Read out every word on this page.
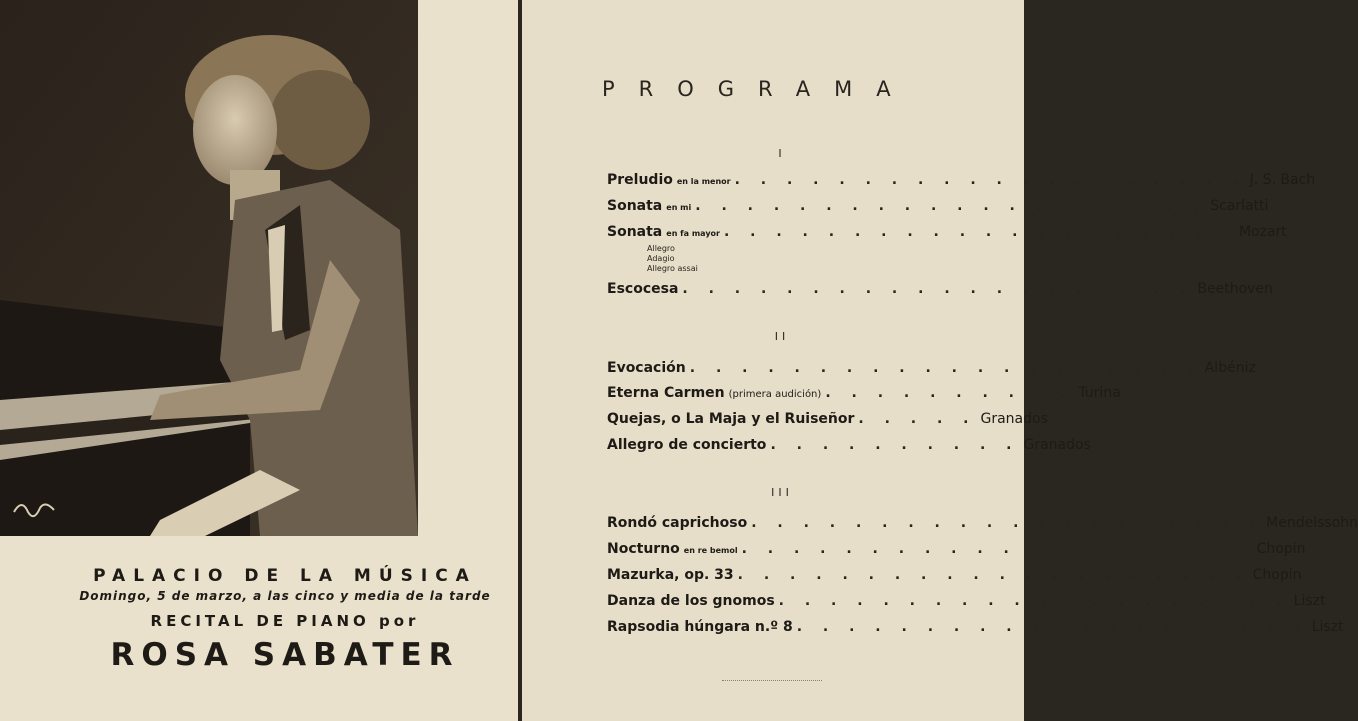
PALACIO DE LA MÚSICA
Domingo, 5 de marzo, a las cinco y media de la tarde
RECITAL DE PIANO por
ROSA SABATER
PROGRAMA
I
Preludio en la menor . . . . . . . . . . . . . . . . . . . . J. S. Bach
Sonata en mi . . . . . . . . . . . . . . . . . . . . Scarlatti
Sonata en fa mayor . . . . . . . . . . . . . . . . . . . . Mozart
Allegro
Adagio
Allegro assai
Escocesa . . . . . . . . . . . . . . . . . . . . Beethoven
II
Evocación . . . . . . . . . . . . . . . . . . . . Albéniz
Eterna Carmen (primera audición) . . . . . . . . . . Turina
Quejas, o La Maja y el Ruiseñor . . . . . Granados
Allegro de concierto . . . . . . . . . . Granados
III
Rondó caprichoso . . . . . . . . . . . . . . . . . . . . Mendelssohn
Nocturno en re bemol . . . . . . . . . . . . . . . . . . . . Chopin
Mazurka, op. 33 . . . . . . . . . . . . . . . . . . . . Chopin
Danza de los gnomos . . . . . . . . . . . . . . . . . . . . Liszt
Rapsodia húngara n.º 8 . . . . . . . . . . . . . . . . . . . . Liszt
